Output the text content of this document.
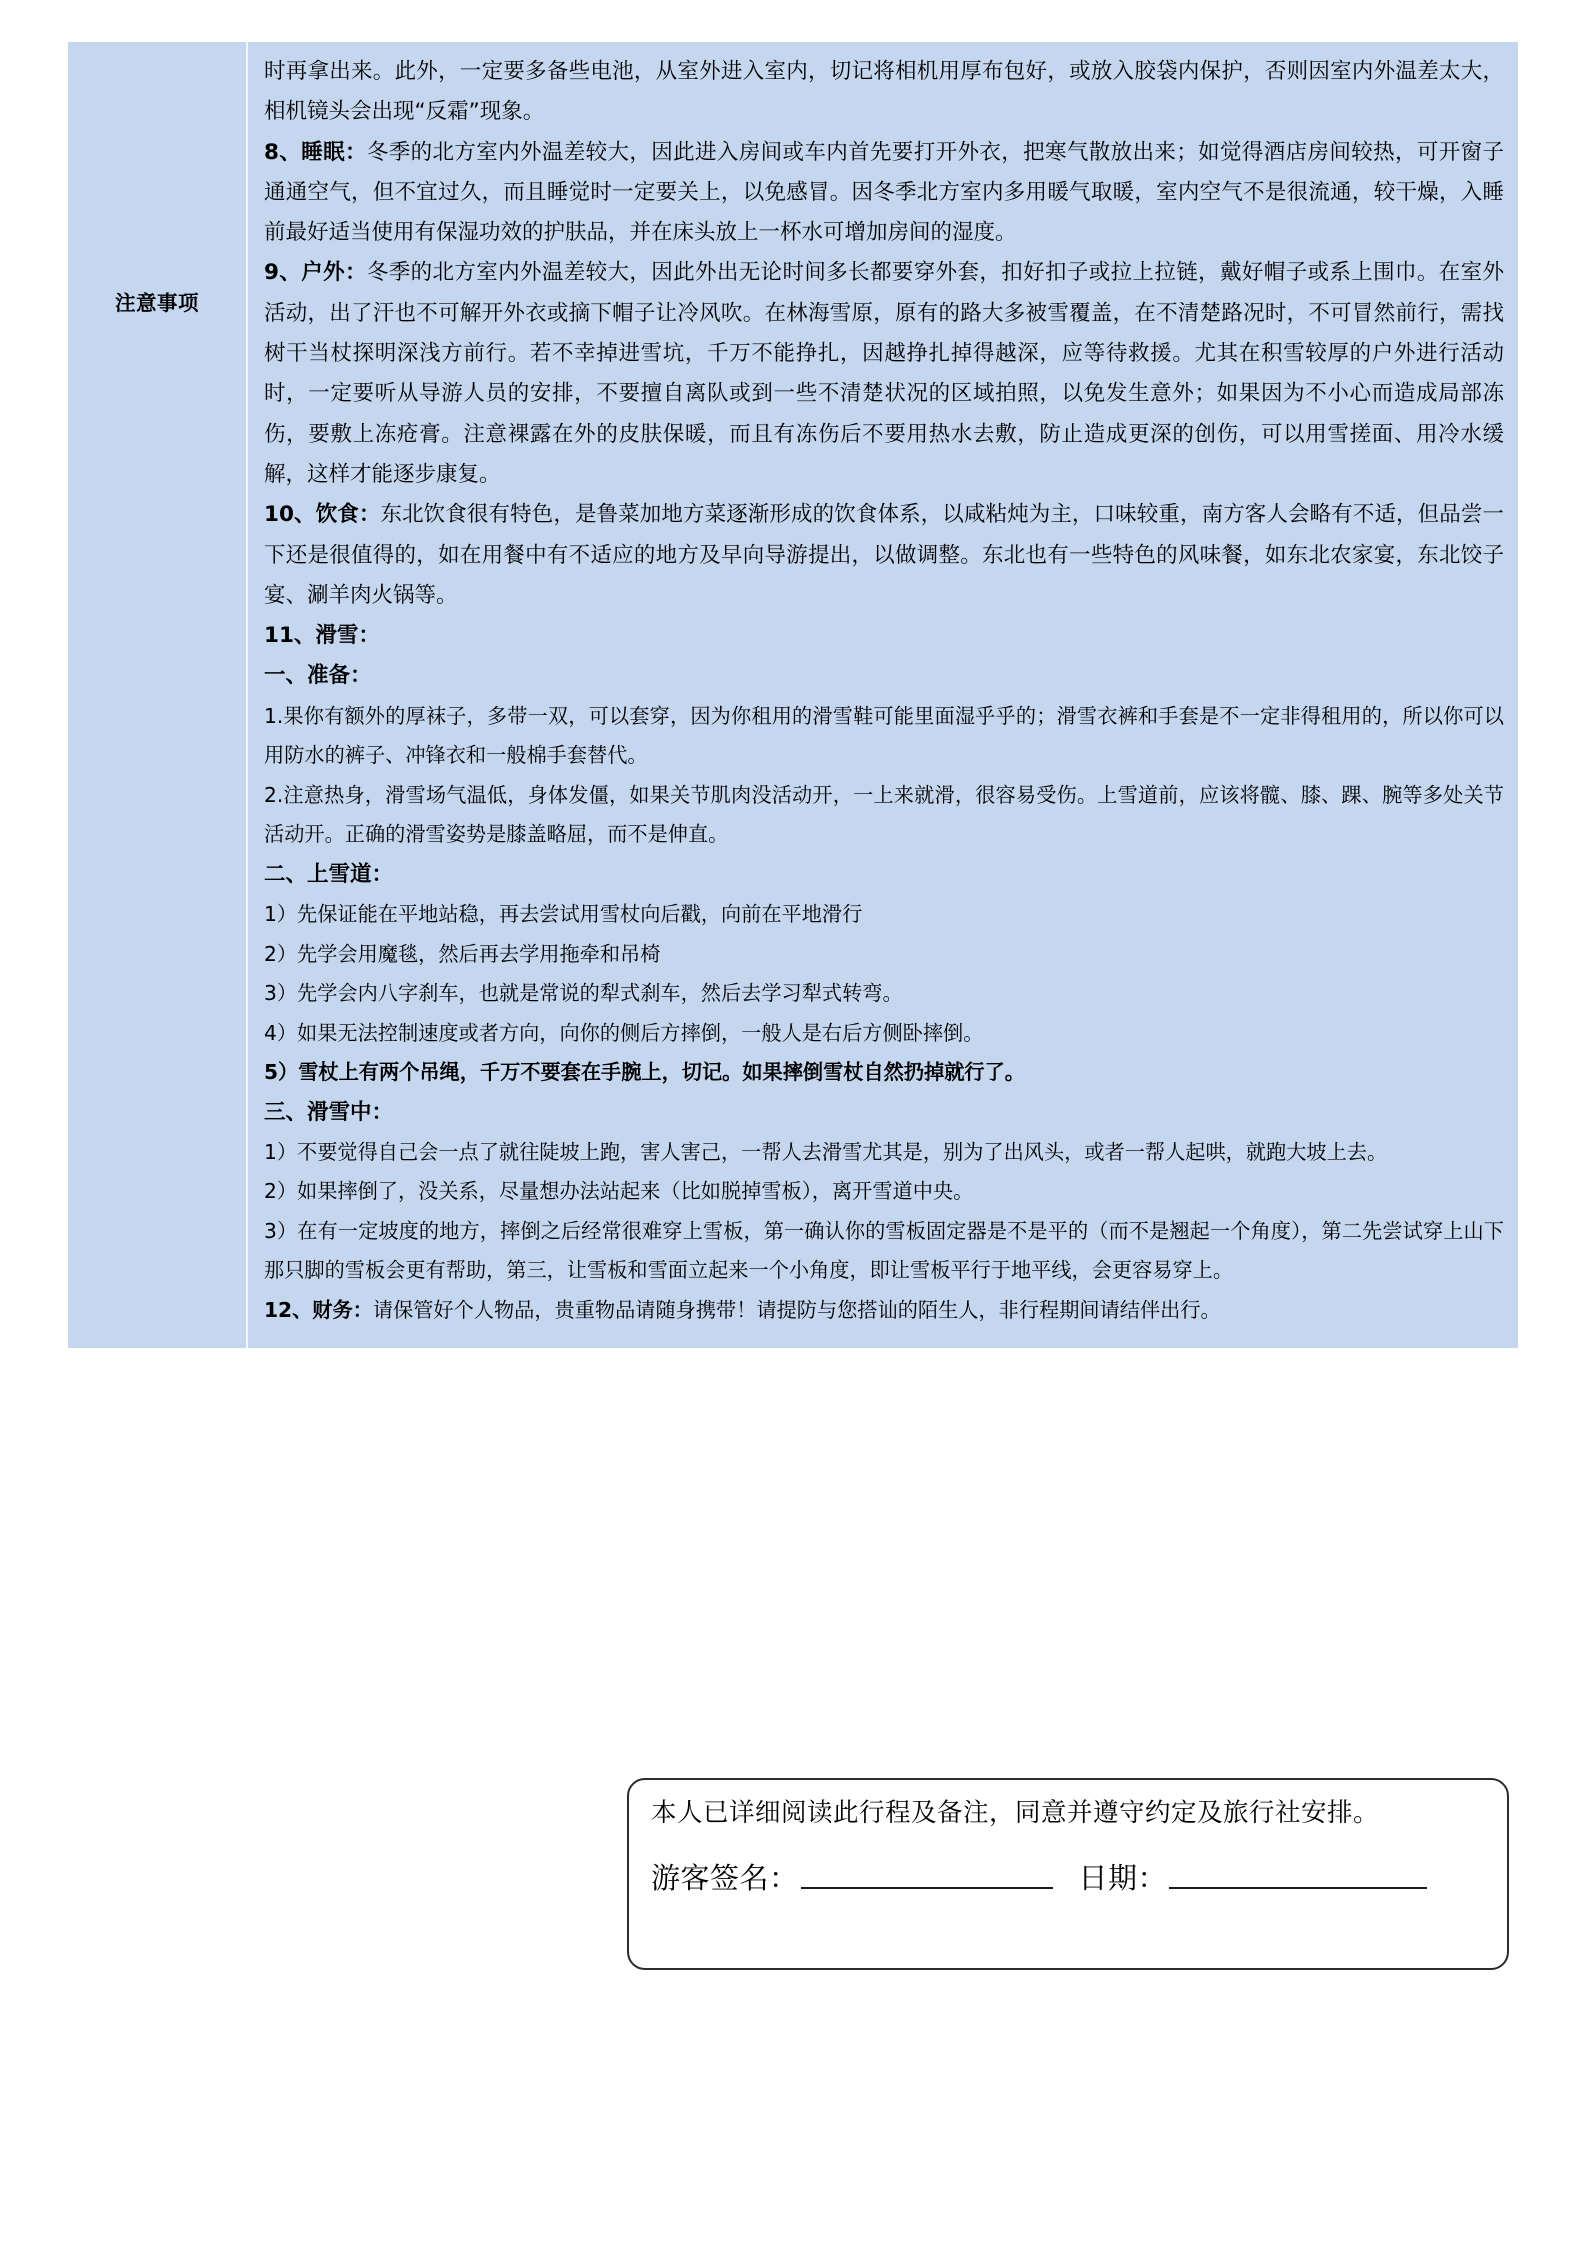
注意事项

时再拿出来。此外，一定要多备些电池，从室外进入室内，切记将相机用厚布包好，或放入胶袋内保护，否则因室内外温差太大，相机镜头会出现“反霜”现象。

8、睡眠：冬季的北方室内外温差较大，因此进入房间或车内首先要打开外衣，把寒气散放出来；如觉得酒店房间较热，可开窗子通通空气，但不宜过久，而且睡觉时一定要关上，以免感冒。因冬季北方室内多用暖气取暖，室内空气不是很流通，较干燥，入睡前最好适当使用有保湿功效的护肤品，并在床头放上一杯水可增加房间的湿度。

9、户外：冬季的北方室内外温差较大，因此外出无论时间多长都要穿外套，扣好扣子或拉上拉链，戴好帽子或系上围巾。在室外活动，出了汗也不可解开外衣或摘下帽子让冷风吹。在林海雪原，原有的路大多被雪覆盖，在不清楚路况时，不可冒然前行，需找树干当杖探明深浅方前行。若不幸掉进雪坑，千万不能挣扎，因越挣扎掉得越深，应等待救援。尤其在积雪较厚的户外进行活动时，一定要听从导游人员的安排，不要擅自离队或到一些不清楚状况的区域拍照，以免发生意外；如果因为不小心而造成局部冻伤，要敷上冻疮膏。注意裸露在外的皮肤保暖，而且有冻伤后不要用热水去敷，防止造成更深的创伤，可以用雪搓面、用冷水缓解，这样才能逐步康复。

10、饮食：东北饮食很有特色，是鲁菜加地方菜逐渐形成的饮食体系，以咸粘炖为主，口味较重，南方客人会略有不适，但品尝一下还是很值得的，如在用餐中有不适应的地方及早向导游提出，以做调整。东北也有一些特色的风味餐，如东北农家宴，东北饺子宴、涮羊肉火锅等。

11、滑雪：

一、准备：

1.果你有额外的厚袜子，多带一双，可以套穿，因为你租用的滑雪鞋可能里面湿乎乎的；滑雪衣裤和手套是不一定非得租用的，所以你可以用防水的裤子、冲锋衣和一般棉手套替代。

2.注意热身，滑雪场气温低，身体发僵，如果关节肌肉没活动开，一上来就滑，很容易受伤。上雪道前，应该将髋、膝、踝、腕等多处关节活动开。正确的滑雪姿势是膝盖略屈，而不是伸直。

二、上雪道：

1）先保证能在平地站稳，再去尝试用雪杖向后戳，向前在平地滑行

2）先学会用魔毯，然后再去学用拖牵和吊椅

3）先学会内八字刹车，也就是常说的犁式刹车，然后去学习犁式转弯。

4）如果无法控制速度或者方向，向你的侧后方摔倒，一般人是右后方侧卧摔倒。

5）雪杖上有两个吊绳，千万不要套在手腕上，切记。如果摔倒雪杖自然扔掉就行了。

三、滑雪中：

1）不要觉得自己会一点了就往陡坡上跑，害人害己，一帮人去滑雪尤其是，别为了出风头，或者一帮人起哄，就跑大坡上去。

2）如果摔倒了，没关系，尽量想办法站起来（比如脱掉雪板），离开雪道中央。

3）在有一定坡度的地方，摔倒之后经常很难穿上雪板，第一确认你的雪板固定器是不是平的（而不是翘起一个角度），第二先尝试穿上山下那只脚的雪板会更有帮助，第三，让雪板和雪面立起来一个小角度，即让雪板平行于地平线，会更容易穿上。

12、财务：请保管好个人物品，贵重物品请随身携带！请提防与您搭讪的陌生人，非行程期间请结伴出行。

本人已详细阅读此行程及备注，同意并遵守约定及旅行社安排。
游客签名：	日期：
